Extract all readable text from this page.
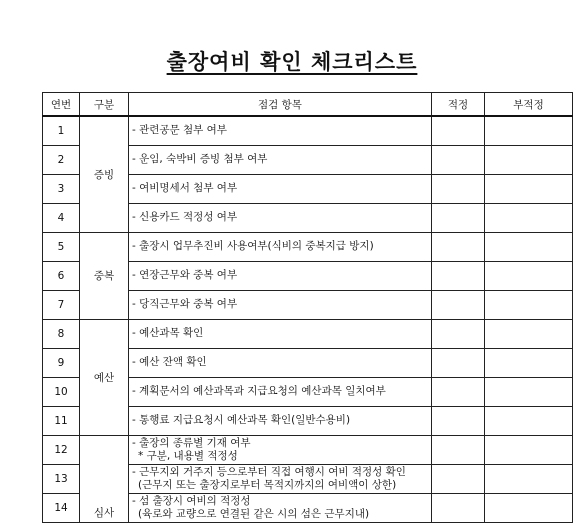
출장여비 확인 체크리스트
연번	구분	점검 항목	적정	부적정
1	증빙	- 관련공문 첨부 여부		
2		- 운임, 숙박비 증빙 첨부 여부		
3		- 여비명세서 첨부 여부		
4		- 신용카드 적정성 여부		
5	중복	- 출장시 업무추진비 사용여부(식비의 중복지급 방지)		
6		- 연장근무와 중복 여부		
7		- 당직근무와 중복 여부		
8	예산	- 예산과목 확인		
9		- 예산 잔액 확인		
10		- 계획문서의 예산과목과 지급요청의 예산과목 일치여부		
11		- 통행료 지급요청시 예산과목 확인(일반수용비)		
12	심사	- 출장의 종류별 기재 여부
* 구분, 내용별 적정성		

13		- 근무지외 거주지 등으로부터 직접 여행시 여비 적정성 확인
(근무지 또는 출장지로부터 목적지까지의 여비액이 상한)		

14		- 섬 출장시 여비의 적정성
(육로와 교량으로 연결된 같은 시의 섬은 근무지내)		
